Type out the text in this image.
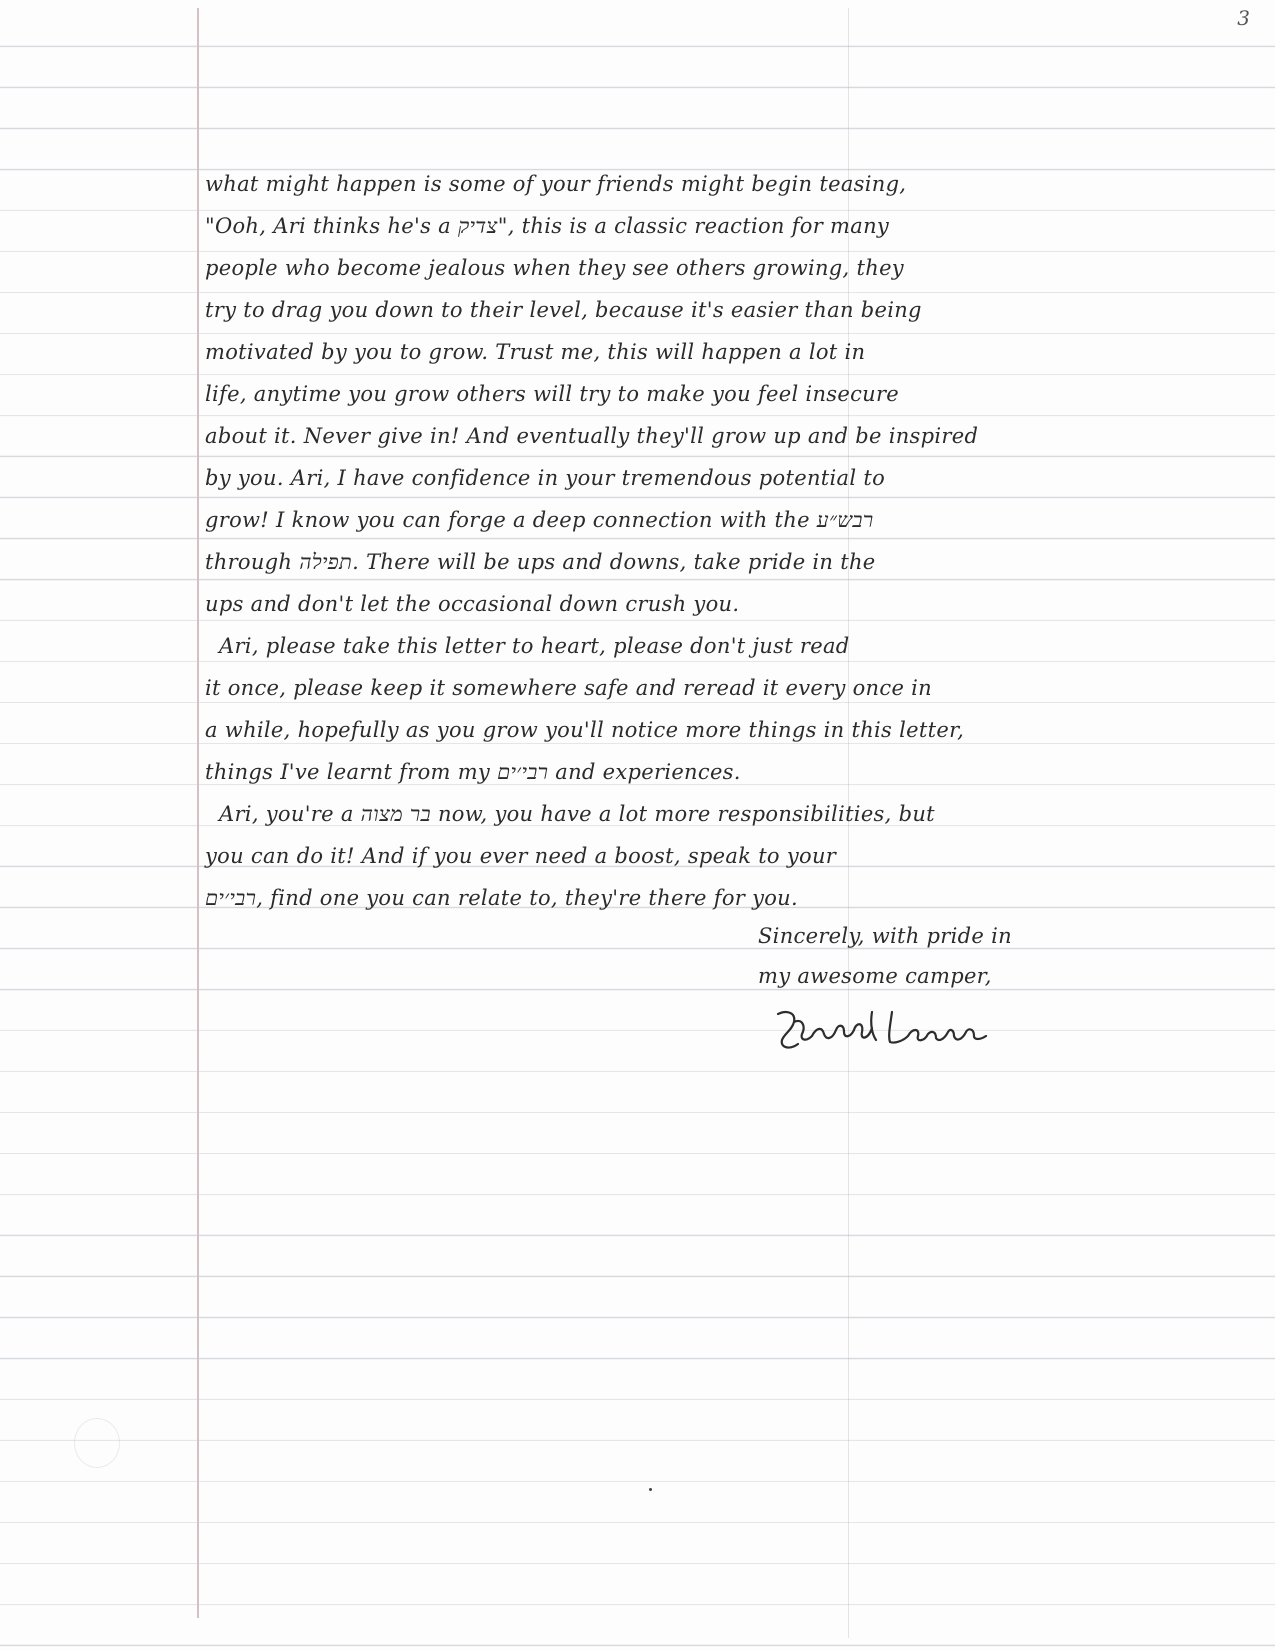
3
what might happen is some of your friends might begin teasing,
"Ooh, Ari thinks he's a צדיק", this is a classic reaction for many
people who become jealous when they see others growing, they
try to drag you down to their level, because it's easier than being
motivated by you to grow. Trust me, this will happen a lot in
life, anytime you grow others will try to make you feel insecure
about it. Never give in! And eventually they'll grow up and be inspired
by you. Ari, I have confidence in your tremendous potential to
grow! I know you can forge a deep connection with the רבש״ע
through תפילה. There will be ups and downs, take pride in the
ups and don't let the occasional down crush you.
Ari, please take this letter to heart, please don't just read
it once, please keep it somewhere safe and reread it every once in
a while, hopefully as you grow you'll notice more things in this letter,
things I've learnt from my רבי׳ים and experiences.
Ari, you're a בר מצוה now, you have a lot more responsibilities, but
you can do it! And if you ever need a boost, speak to your
רבי׳ים, find one you can relate to, they're there for you.
Sincerely, with pride in
my awesome camper,
